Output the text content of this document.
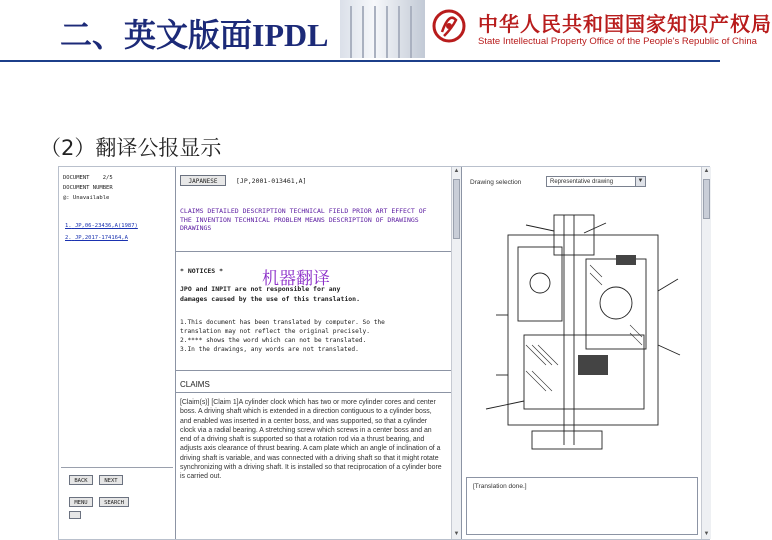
二、英文版面IPDL	中华人民共和国国家知识产权局
State Intellectual Property Office of the People's Republic of China
（2）翻译公报显示
DOCUMENT 2/5
DOCUMENT NUMBER
@: Unavailable
1. JP,06-23436,A(1987)
2. JP,2017-174164,A
BACK	NEXT
MENU	SEARCH
JAPANESE	[JP,2001-013461,A]
CLAIMS DETAILED DESCRIPTION TECHNICAL FIELD PRIOR ART EFFECT OF THE INVENTION TECHNICAL PROBLEM MEANS DESCRIPTION OF DRAWINGS DRAWINGS
* NOTICES *
JPO and INPIT are not responsible for any
damages caused by the use of this translation.
1.This document has been translated by computer. So the
translation may not reflect the original precisely.
2.**** shows the word which can not be translated.
3.In the drawings, any words are not translated.
CLAIMS
[Claim(s)] [Claim 1]A cylinder clock which has two or more cylinder cores and center boss. A driving shaft which is extended in a direction contiguous to a cylinder boss, and enabled was inserted in a center boss, and was supported, so that a cylinder clock via a radial bearing. A stretching screw which screws in a center boss and an end of a driving shaft is supported so that a rotation rod via a thrust bearing, and adjusts axis clearance of thrust bearing. A cam plate which an angle of inclination of a driving shaft is variable, and was connected with a driving shaft so that it might rotate synchronizing with a driving shaft. It is installed so that reciprocation of a cylinder bore is carried out.
▲
▼
Drawing selection	Representative drawing	▼
[Translation done.]
▲
▼
机器翻译
